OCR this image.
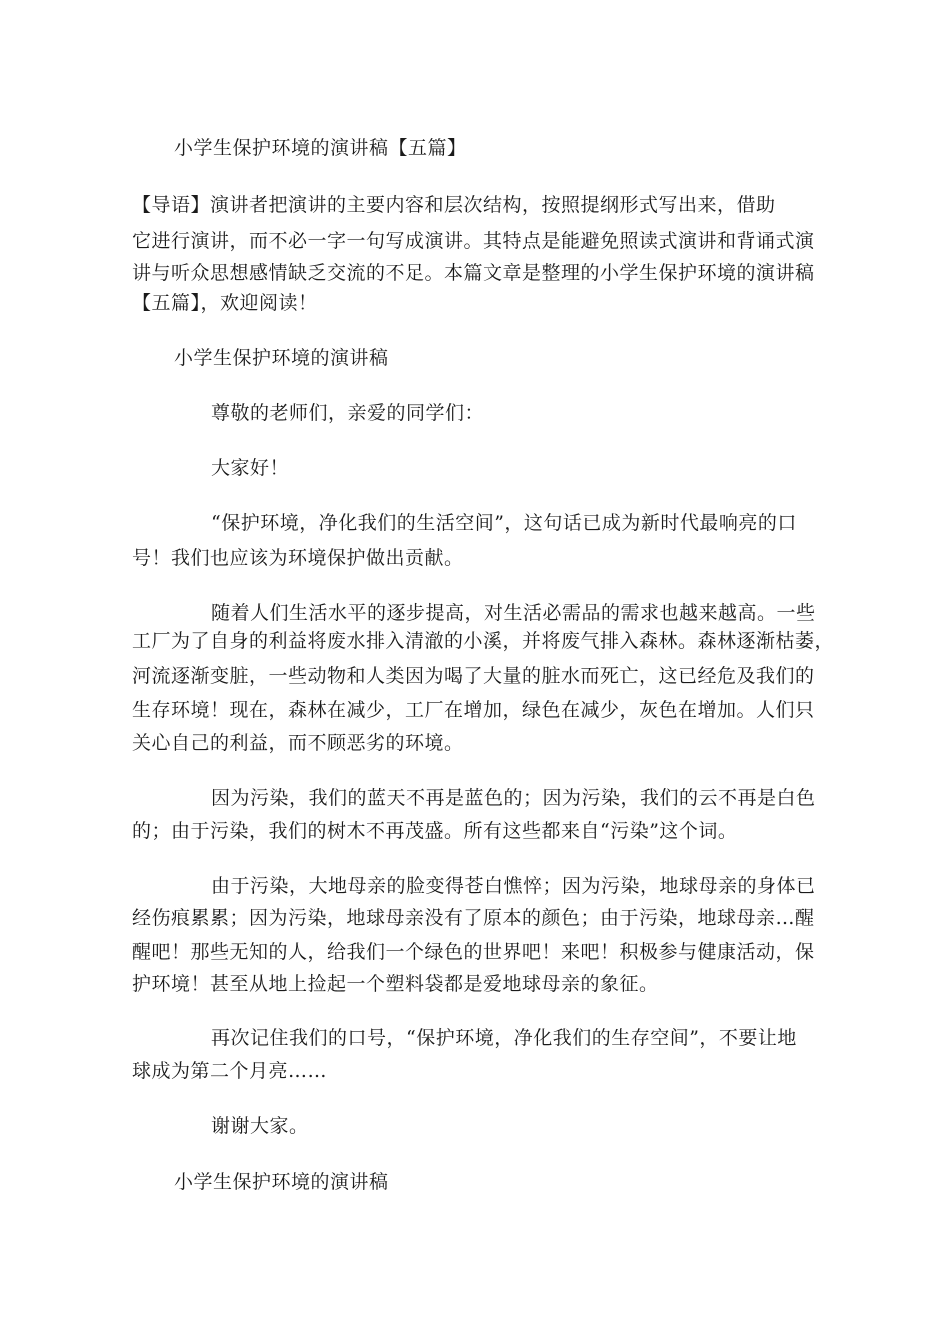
小学生保护环境的演讲稿【五篇】
【导语】演讲者把演讲的主要内容和层次结构，按照提纲形式写出来，借助
它进行演讲，而不必一字一句写成演讲。其特点是能避免照读式演讲和背诵式演
讲与听众思想感情缺乏交流的不足。本篇文章是整理的小学生保护环境的演讲稿
【五篇】，欢迎阅读！
小学生保护环境的演讲稿
尊敬的老师们，亲爱的同学们：
大家好！
“保护环境，净化我们的生活空间”，这句话已成为新时代最响亮的口
号！我们也应该为环境保护做出贡献。
随着人们生活水平的逐步提高，对生活必需品的需求也越来越高。一些
工厂为了自身的利益将废水排入清澈的小溪，并将废气排入森林。森林逐渐枯萎，
河流逐渐变脏，一些动物和人类因为喝了大量的脏水而死亡，这已经危及我们的
生存环境！现在，森林在减少，工厂在增加，绿色在减少，灰色在增加。人们只
关心自己的利益，而不顾恶劣的环境。
因为污染，我们的蓝天不再是蓝色的；因为污染，我们的云不再是白色
的；由于污染，我们的树木不再茂盛。所有这些都来自“污染”这个词。
由于污染，大地母亲的脸变得苍白憔悴；因为污染，地球母亲的身体已
经伤痕累累；因为污染，地球母亲没有了原本的颜色；由于污染，地球母亲…醒
醒吧！那些无知的人，给我们一个绿色的世界吧！来吧！积极参与健康活动，保
护环境！甚至从地上捡起一个塑料袋都是爱地球母亲的象征。
再次记住我们的口号，“保护环境，净化我们的生存空间”，不要让地
球成为第二个月亮……
谢谢大家。
小学生保护环境的演讲稿
